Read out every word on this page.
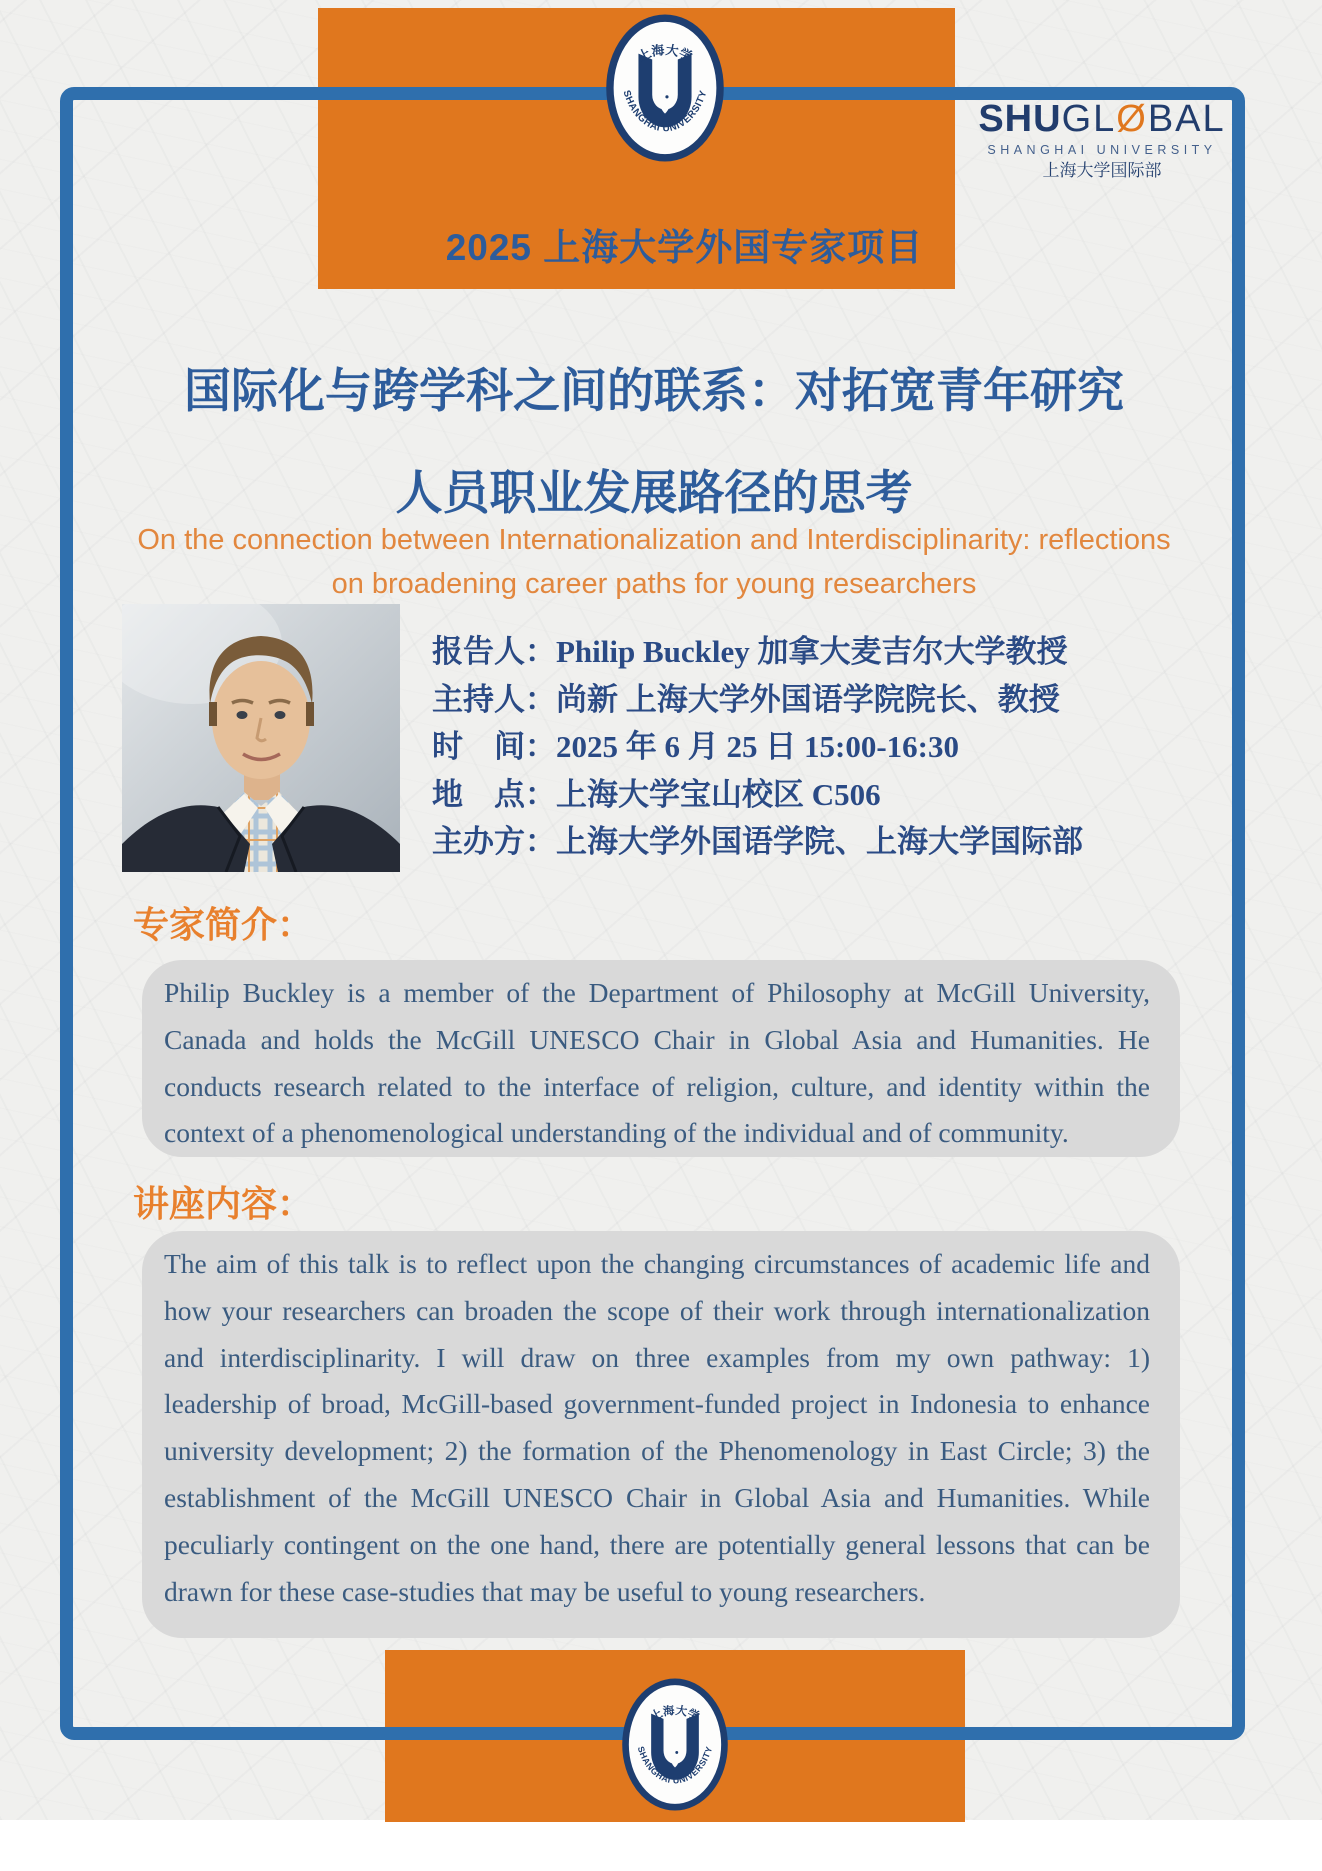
2025 上海大学外国专家项目
SHUGLØBAL
SHANGHAI UNIVERSITY
上海大学国际部
国际化与跨学科之间的联系：对拓宽青年研究
人员职业发展路径的思考
On the connection between Internationalization and Interdisciplinarity: reflections
on broadening career paths for young researchers
报告人：Philip Buckley 加拿大麦吉尔大学教授
主持人：尚新 上海大学外国语学院院长、教授
时　间：2025 年 6 月 25 日 15:00-16:30
地　点：上海大学宝山校区 C506
主办方：上海大学外国语学院、上海大学国际部
专家简介：

Philip Buckley is a member of the Department of Philosophy at McGill University, Canada and holds the McGill UNESCO Chair in Global Asia and Humanities. He conducts research related to the interface of religion, culture, and identity within the context of a phenomenological understanding of the individual and of community.

讲座内容：

The aim of this talk is to reflect upon the changing circumstances of academic life and how your researchers can broaden the scope of their work through internationalization and interdisciplinarity. I will draw on three examples from my own pathway: 1) leadership of broad, McGill-based government-funded project in Indonesia to enhance university development; 2) the formation of the Phenomenology in East Circle; 3) the establishment of the McGill UNESCO Chair in Global Asia and Humanities. While peculiarly contingent on the one hand, there are potentially general lessons that can be drawn for these case-studies that may be useful to young researchers.
